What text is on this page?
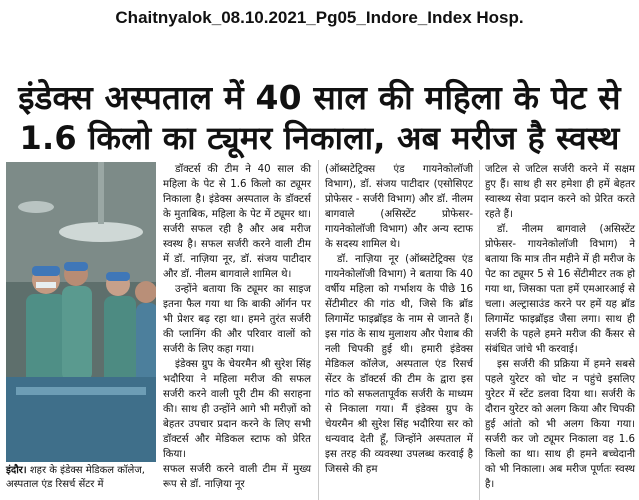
Chaitnyalok_08.10.2021_Pg05_Indore_Index Hosp.
इंडेक्स अस्पताल में 40 साल की महिला के पेट से
1.6 किलो का ट्यूमर निकाला, अब मरीज है स्वस्थ
इंदौर। शहर के इंडेक्स मेडिकल कॉलेज, अस्पताल एंड रिसर्च सेंटर में

डॉक्टर्स की टीम ने 40 साल की महिला के पेट से 1.6 किलो का ट्यूमर निकाला है। इंडेक्स अस्पताल के डॉक्टर्स के मुताबिक, महिला के पेट में ट्यूमर था। सर्जरी सफल रही है और अब मरीज स्वस्थ है। सफल सर्जरी करने वाली टीम में डॉ. नाज़िया नूर, डॉ. संजय पाटीदार और डॉ. नीलम बागवाले शामिल थे।

उन्होंने बताया कि ट्यूमर का साइज इतना फैल गया था कि बाकी ऑर्गन पर भी प्रेशर बढ़ रहा था। हमने तुरंत सर्जरी की प्लानिंग की और परिवार वालों को सर्जरी के लिए कहा गया।

इंडेक्स ग्रुप के चेयरमैन श्री सुरेश सिंह भदौरिया ने महिला मरीज की सफल सर्जरी करने वाली पूरी टीम की सराहना की। साथ ही उन्होंने आगे भी मरीज़ों को बेहतर उपचार प्रदान करने के लिए सभी डॉक्टर्स और मेडिकल स्टाफ को प्रेरित किया।

सफल सर्जरी करने वाली टीम में मुख्य रूप से डॉ. नाज़िया नूर

(ऑब्सटेट्रिक्स एंड गायनेकोलॉजी विभाग), डॉ. संजय पाटीदार (एसोसिएट प्रोफेसर - सर्जरी विभाग) और डॉ. नीलम बागवाले (असिस्टेंट प्रोफेसर- गायनेकोलॉजी विभाग) और अन्य स्टाफ के सदस्य शामिल थे।

डॉ. नाज़िया नूर (ऑब्सटेट्रिक्स एंड गायनेकोलॉजी विभाग) ने बताया कि 40 वर्षीय महिला को गर्भाशय के पीछे 16 सेंटीमीटर की गांठ थी, जिसे कि ब्रॉड लिगामेंट फाइब्रॉइड के नाम से जानते हैं। इस गांठ के साथ मुलाशय और पेशाब की नली चिपकी हुई थी। हमारी इंडेक्स मेडिकल कॉलेज, अस्पताल एंड रिसर्च सेंटर के डॉक्टर्स की टीम के द्वारा इस गांठ को सफलतापूर्वक सर्जरी के माध्यम से निकाला गया। मैं इंडेक्स ग्रुप के चेयरमैन श्री सुरेश सिंह भदौरिया सर को धन्यवाद देती हूँ, जिन्होंने अस्पताल में इस तरह की व्यवस्था उपलब्ध करवाई है जिससे की हम

जटिल से जटिल सर्जरी करने में सक्षम हुए हैं। साथ ही सर हमेशा ही हमें बेहतर स्वास्थ्य सेवा प्रदान करने को प्रेरित करते रहते हैं।

डॉ. नीलम बागवाले (असिस्टेंट प्रोफेसर- गायनेकोलॉजी विभाग) ने बताया कि मात्र तीन महीने में ही मरीज के पेट का ट्यूमर 5 से 16 सेंटीमीटर तक हो गया था, जिसका पता हमें एमआरआई से चला। अल्ट्रासाउंड करने पर हमें यह ब्रॉड लिगामेंट फाइब्रॉइड जैसा लगा। साथ ही सर्जरी के पहले हमने मरीज की कैंसर से संबंधित जांचे भी करवाई।

इस सर्जरी की प्रक्रिया में हमने सबसे पहले युरेटर को चोट न पहुंचे इसलिए युरेटर में स्टेंट डलवा दिया था। सर्जरी के दौरान युरेटर को अलग किया और चिपकी हुई आंतो को भी अलग किया गया। सर्जरी कर जो ट्यूमर निकाला वह 1.6 किलो का था। साथ ही हमने बच्चेदानी को भी निकाला। अब मरीज पूर्णतः स्वस्थ है।
